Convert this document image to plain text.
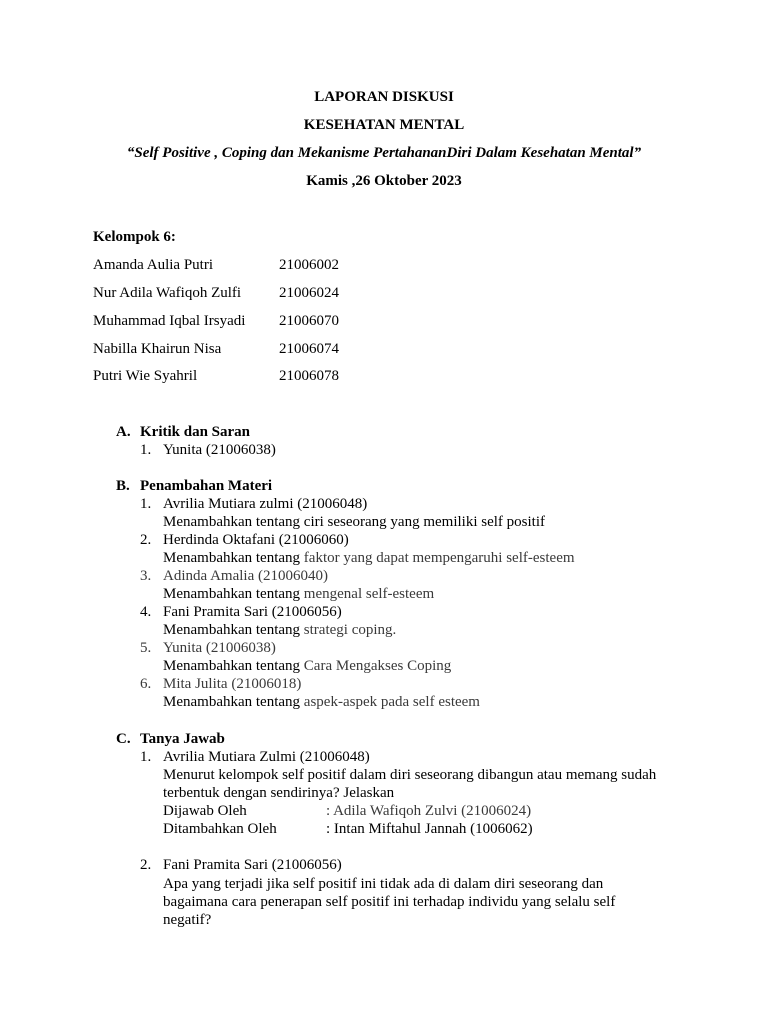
LAPORAN DISKUSI
KESEHATAN MENTAL
“Self Positive , Coping dan Mekanisme PertahananDiri Dalam Kesehatan Mental”
Kamis ,26 Oktober 2023
Kelompok 6:
Amanda Aulia Putri	21006002
Nur Adila Wafiqoh Zulfi	21006024
Muhammad Iqbal Irsyadi 21006070
Nabilla Khairun Nisa	21006074
Putri Wie Syahril	21006078
A. Kritik dan Saran
1. Yunita (21006038)
B. Penambahan Materi
1. Avrilia Mutiara zulmi (21006048)
Menambahkan tentang ciri seseorang yang memiliki self positif
2. Herdinda Oktafani (21006060)
Menambahkan tentang faktor yang dapat mempengaruhi self-esteem
3. Adinda Amalia (21006040)
Menambahkan tentang mengenal self-esteem
4. Fani Pramita Sari (21006056)
Menambahkan tentang strategi coping.
5. Yunita (21006038)
Menambahkan tentang Cara Mengakses Coping
6. Mita Julita (21006018)
Menambahkan tentang aspek-aspek pada self esteem
C. Tanya Jawab
1. Avrilia Mutiara Zulmi (21006048)
Menurut kelompok self positif dalam diri seseorang dibangun atau memang sudah
terbentuk dengan sendirinya? Jelaskan
Dijawab Oleh	: Adila Wafiqoh Zulvi (21006024)
Ditambahkan Oleh	: Intan Miftahul Jannah (1006062)
2. Fani Pramita Sari (21006056)
Apa yang terjadi jika self positif ini tidak ada di dalam diri seseorang dan
bagaimana cara penerapan self positif ini terhadap individu yang selalu self
negatif?
